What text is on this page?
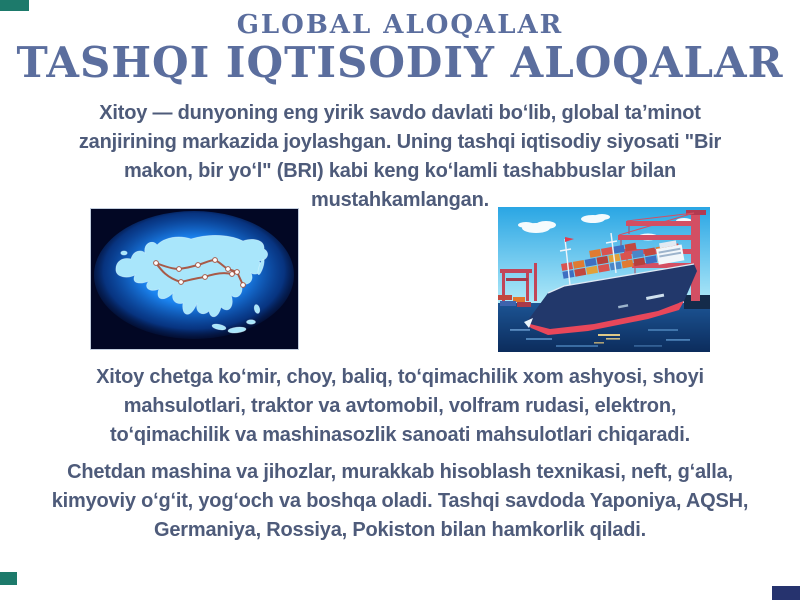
GLOBAL ALOQALAR
TASHQI IQTISODIY ALOQALAR
Xitoy — dunyoning eng yirik savdo davlati boʻlib, global taʼminot zanjirining markazida joylashgan. Uning tashqi iqtisodiy siyosati "Bir makon, bir yoʻl" (BRI) kabi keng koʻlamli tashabbuslar bilan mustahkamlangan.
Xitoy chetga koʻmir, choy, baliq, toʻqimachilik xom ashyosi, shoyi mahsulotlari, traktor va avtomobil, volfram rudasi, elektron, toʻqimachilik va mashinasozlik sanoati mahsulotlari chiqaradi.
Chetdan mashina va jihozlar, murakkab hisoblash texnikasi, neft, gʻalla, kimyoviy oʻgʻit, yogʻoch va boshqa oladi. Tashqi savdoda Yaponiya, AQSH, Germaniya, Rossiya, Pokiston bilan hamkorlik qiladi.
